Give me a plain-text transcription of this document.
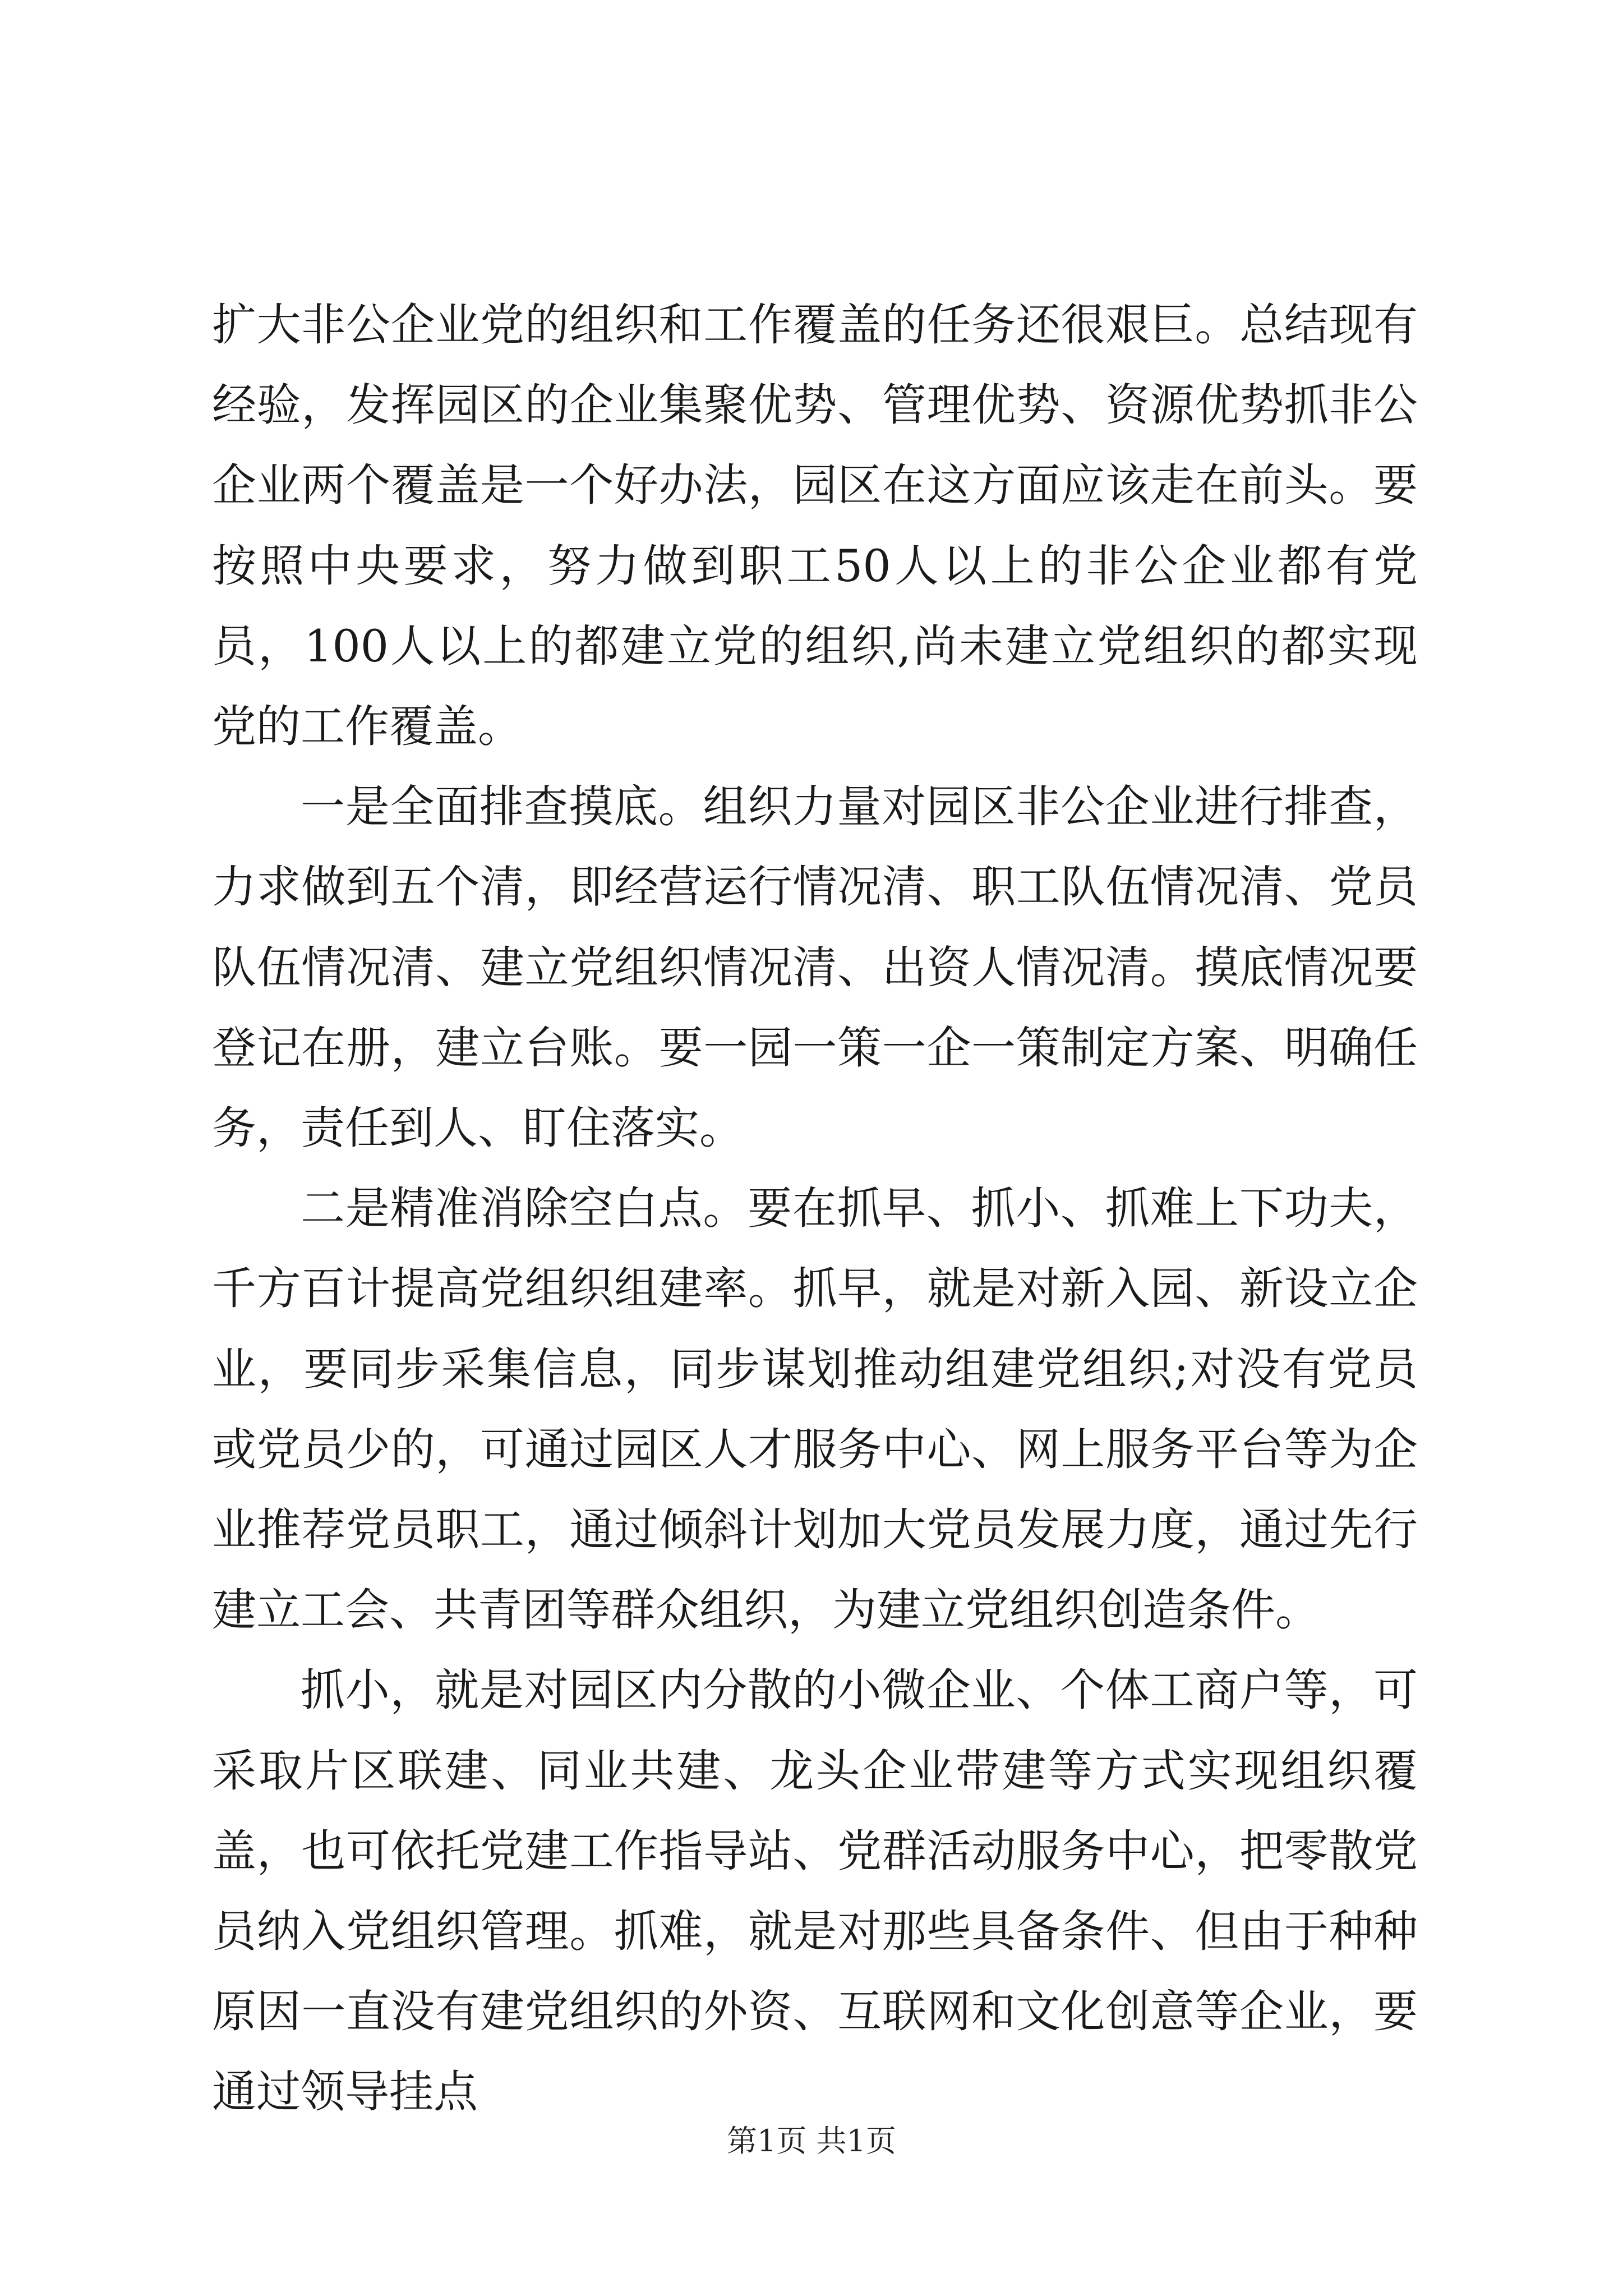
扩大非公企业党的组织和工作覆盖的任务还很艰巨。总结现有经验，发挥园区的企业集聚优势、管理优势、资源优势抓非公企业两个覆盖是一个好办法，园区在这方面应该走在前头。要按照中央要求，努力做到职工50人以上的非公企业都有党员，100人以上的都建立党的组织,尚未建立党组织的都实现党的工作覆盖。

一是全面排查摸底。组织力量对园区非公企业进行排查，力求做到五个清，即经营运行情况清、职工队伍情况清、党员队伍情况清、建立党组织情况清、出资人情况清。摸底情况要登记在册，建立台账。要一园一策一企一策制定方案、明确任务，责任到人、盯住落实。

二是精准消除空白点。要在抓早、抓小、抓难上下功夫，千方百计提高党组织组建率。抓早，就是对新入园、新设立企业，要同步采集信息，同步谋划推动组建党组织;对没有党员或党员少的，可通过园区人才服务中心、网上服务平台等为企业推荐党员职工，通过倾斜计划加大党员发展力度，通过先行建立工会、共青团等群众组织，为建立党组织创造条件。

抓小，就是对园区内分散的小微企业、个体工商户等，可采取片区联建、同业共建、龙头企业带建等方式实现组织覆盖，也可依托党建工作指导站、党群活动服务中心，把零散党员纳入党组织管理。抓难，就是对那些具备条件、但由于种种原因一直没有建党组织的外资、互联网和文化创意等企业，要通过领导挂点

第1页 共1页
